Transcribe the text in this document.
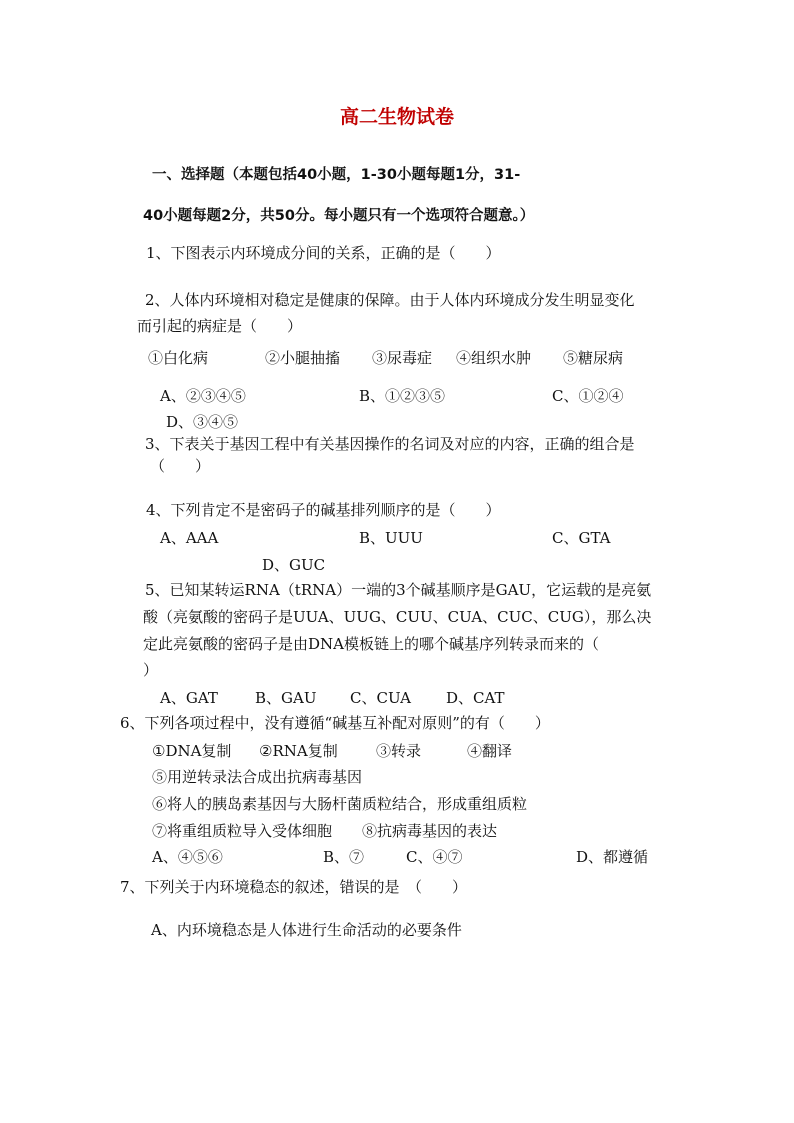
高二生物试卷
一、选择题（本题包括40小题，1-30小题每题1分，31-
40小题每题2分，共50分。每小题只有一个选项符合题意。）
1、下图表示内环境成分间的关系，正确的是（　　）
2、人体内环境相对稳定是健康的保障。由于人体内环境成分发生明显变化
而引起的病症是（　　）
①白化病	②小腿抽搐 ③尿毒症 ④组织水肿 ⑤糖尿病
A、②③④⑤	B、①②③⑤	C、①②④
D、③④⑤
3、下表关于基因工程中有关基因操作的名词及对应的内容，正确的组合是
（　　）
4、下列肯定不是密码子的碱基排列顺序的是（　　）
A、AAA	B、UUU	C、GTA
D、GUC
5、已知某转运RNA（tRNA）一端的3个碱基顺序是GAU，它运载的是亮氨
酸（亮氨酸的密码子是UUA、UUG、CUU、CUA、CUC、CUG），那么决
定此亮氨酸的密码子是由DNA模板链上的哪个碱基序列转录而来的（
）
A、GAT B、GAU C、CUA D、CAT
6、下列各项过程中，没有遵循“碱基互补配对原则”的有（　　）
①DNA复制 ②RNA复制	③转录	④翻译
⑤用逆转录法合成出抗病毒基因
⑥将人的胰岛素基因与大肠杆菌质粒结合，形成重组质粒
⑦将重组质粒导入受体细胞 ⑧抗病毒基因的表达
A、④⑤⑥	B、⑦	C、④⑦	D、都遵循
7、下列关于内环境稳态的叙述，错误的是　（　　）
A、内环境稳态是人体进行生命活动的必要条件
